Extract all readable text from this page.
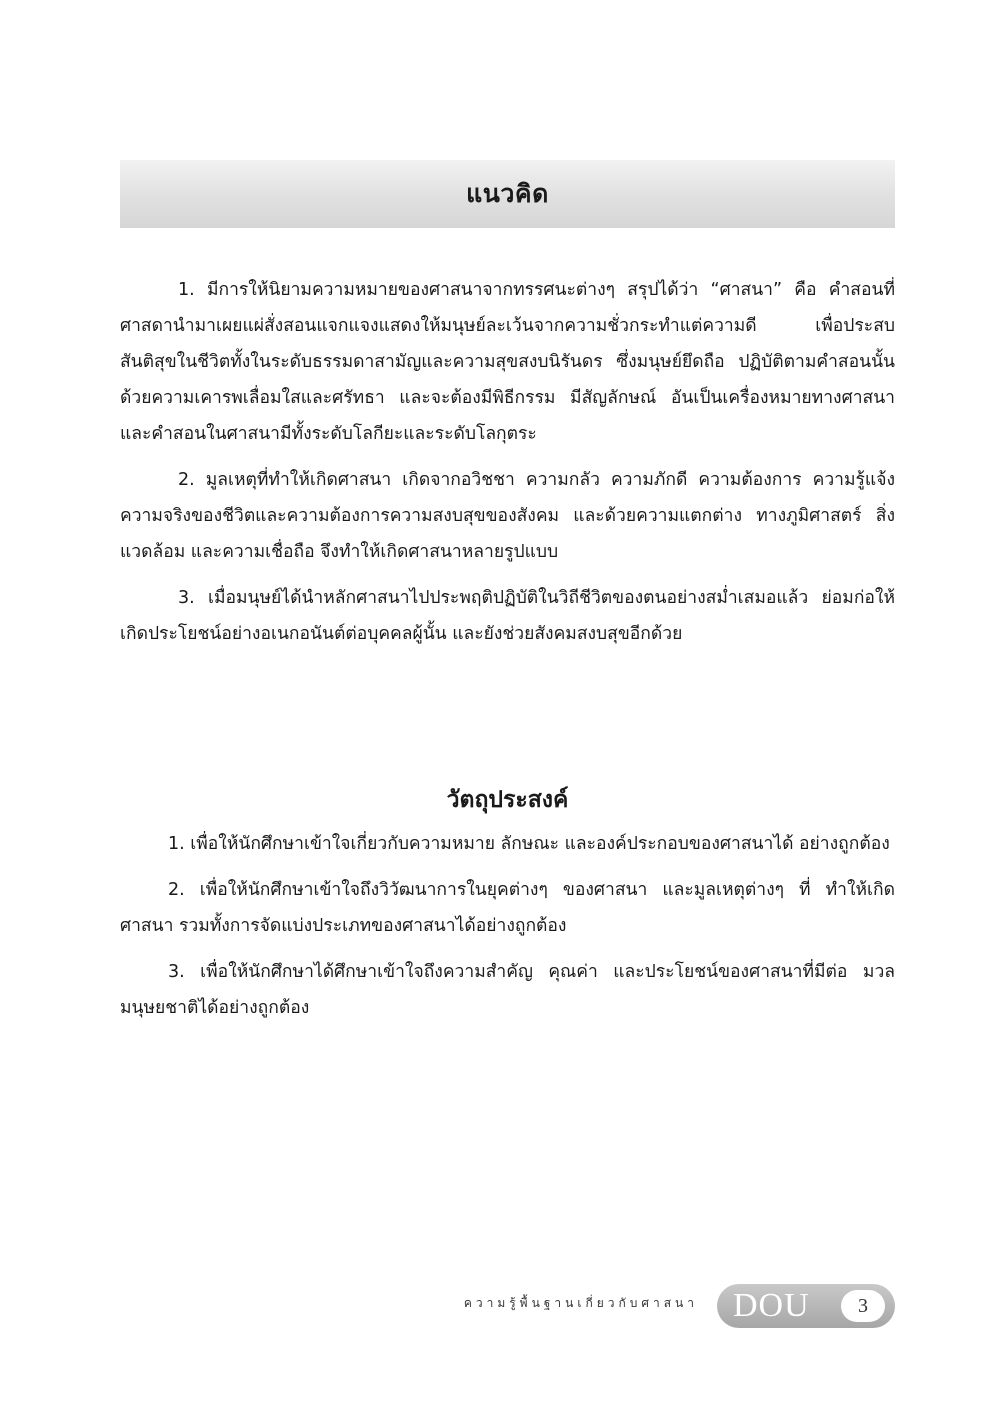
แนวคิด

1. มีการให้นิยามความหมายของศาสนาจากทรรศนะต่างๆ สรุปได้ว่า “ศาสนา” คือ คำสอนที่ศาสดานำมาเผยแผ่สั่งสอนแจกแจงแสดงให้มนุษย์ละเว้นจากความชั่วกระทำแต่ความดี เพื่อประสบสันติสุขในชีวิตทั้งในระดับธรรมดาสามัญและความสุขสงบนิรันดร ซึ่งมนุษย์ยึดถือ ปฏิบัติตามคำสอนนั้นด้วยความเคารพเลื่อมใสและศรัทธา และจะต้องมีพิธีกรรม มีสัญลักษณ์ อันเป็นเครื่องหมายทางศาสนา และคำสอนในศาสนามีทั้งระดับโลกียะและระดับโลกุตระ

2. มูลเหตุที่ทำให้เกิดศาสนา เกิดจากอวิชชา ความกลัว ความภักดี ความต้องการ ความรู้แจ้งความจริงของชีวิตและความต้องการความสงบสุขของสังคม และด้วยความแตกต่าง ทางภูมิศาสตร์ สิ่งแวดล้อม และความเชื่อถือ จึงทำให้เกิดศาสนาหลายรูปแบบ

3. เมื่อมนุษย์ได้นำหลักศาสนาไปประพฤติปฏิบัติในวิถีชีวิตของตนอย่างสม่ำเสมอแล้ว ย่อมก่อให้เกิดประโยชน์อย่างอเนกอนันต์ต่อบุคคลผู้นั้น และยังช่วยสังคมสงบสุขอีกด้วย

วัตถุประสงค์

1. เพื่อให้นักศึกษาเข้าใจเกี่ยวกับความหมาย ลักษณะ และองค์ประกอบของศาสนาได้ อย่างถูกต้อง

2. เพื่อให้นักศึกษาเข้าใจถึงวิวัฒนาการในยุคต่างๆ ของศาสนา และมูลเหตุต่างๆ ที่ ทำให้เกิดศาสนา รวมทั้งการจัดแบ่งประเภทของศาสนาได้อย่างถูกต้อง

3. เพื่อให้นักศึกษาได้ศึกษาเข้าใจถึงความสำคัญ คุณค่า และประโยชน์ของศาสนาที่มีต่อ มวลมนุษยชาติได้อย่างถูกต้อง

ความรู้พื้นฐานเกี่ยวกับศาสนา DOU	3
